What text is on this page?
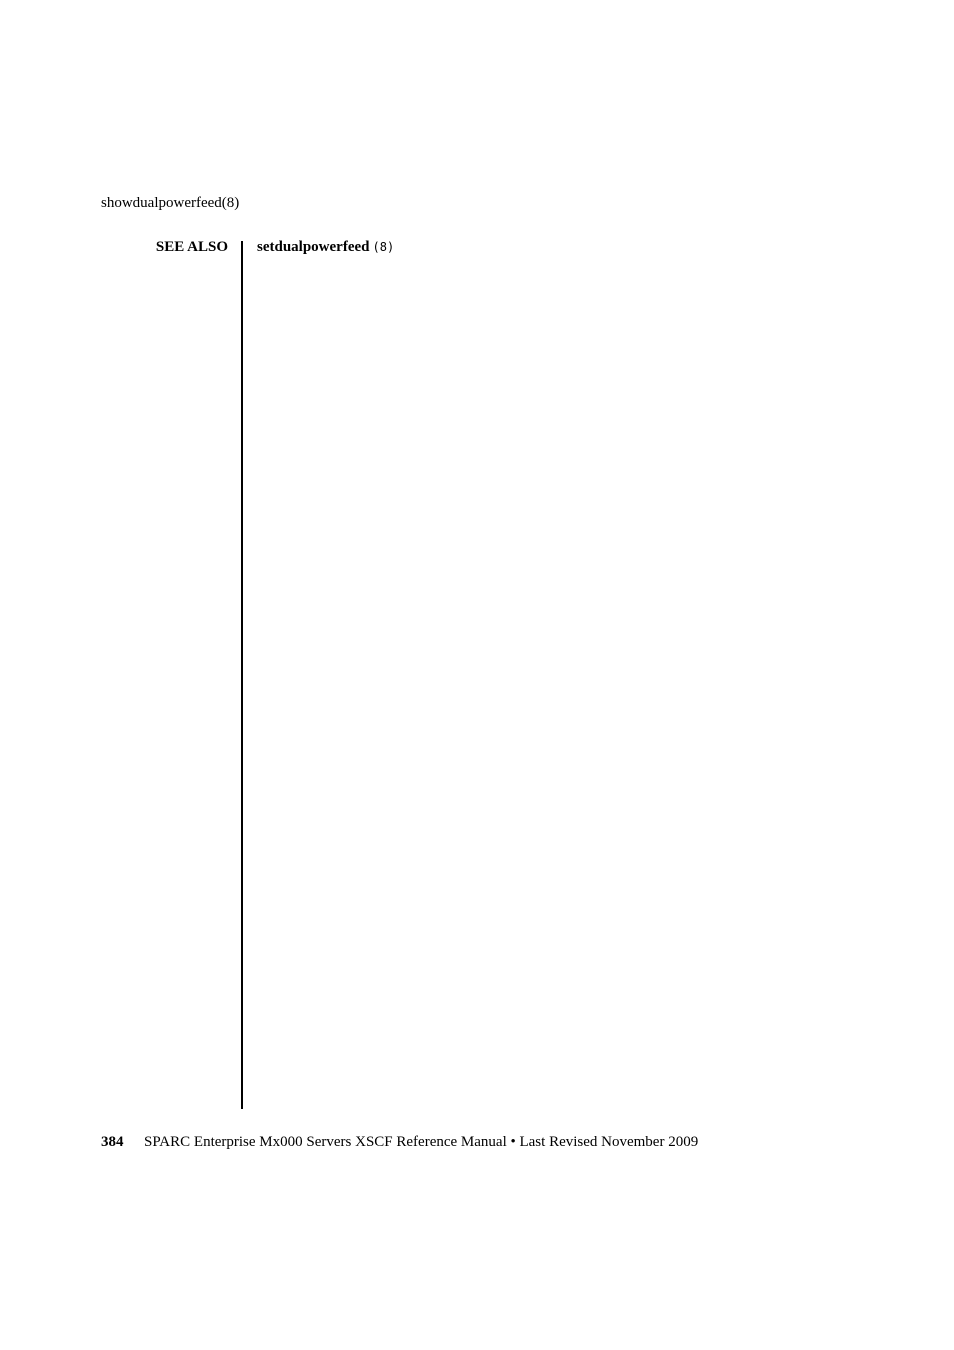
showdualpowerfeed(8)
SEE ALSO setdualpowerfeed (8)
384 SPARC Enterprise Mx000 Servers XSCF Reference Manual • Last Revised November 2009
